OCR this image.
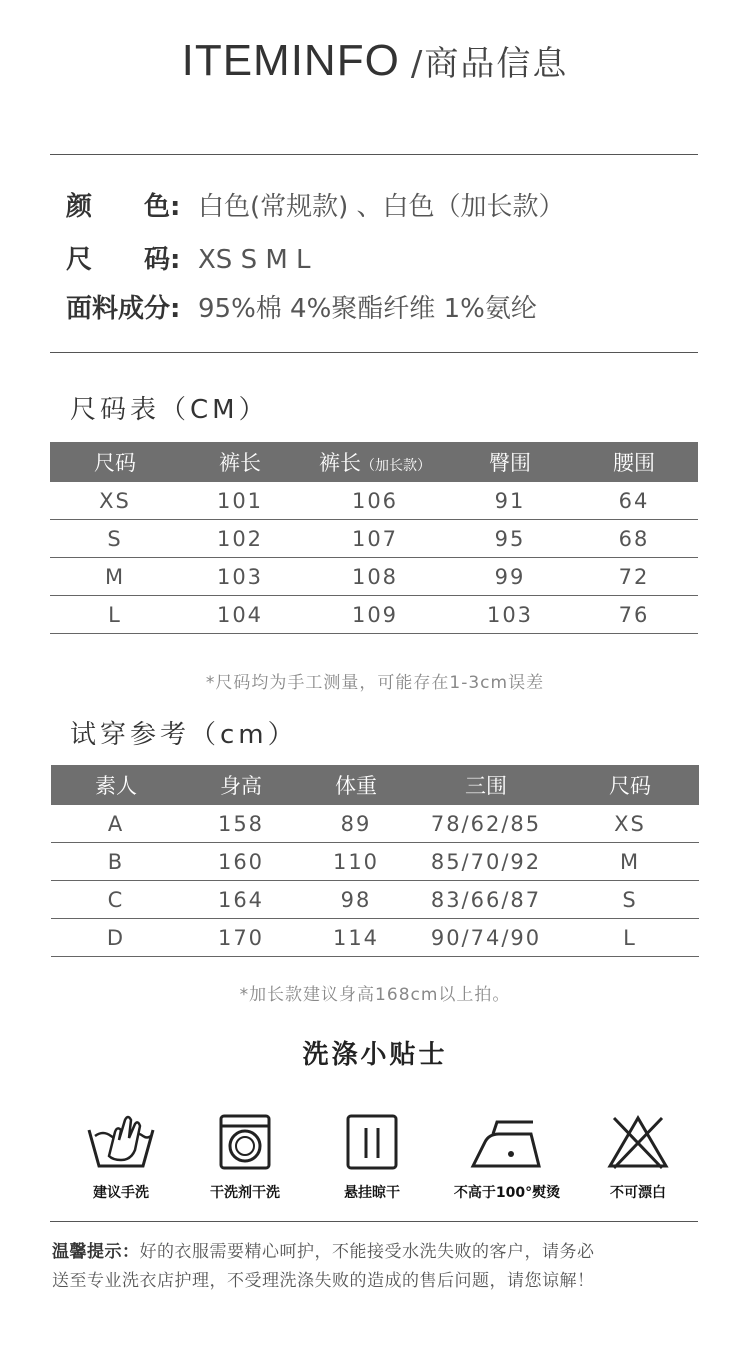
ITEMINFO /商品信息
颜　　色: 白色(常规款) 、白色（加长款）
尺　　码: XS S M L
面料成分: 95%棉 4%聚酯纤维 1%氨纶
尺码表（CM）
尺码	裤长	裤长（加长款）	臀围	腰围
XS	101	106	91	64
S	102	107	95	68
M	103	108	99	72
L	104	109	103	76
*尺码均为手工测量，可能存在1-3cm误差
试穿参考（cm）
素人	身高	体重	三围	尺码
A	158	89	78/62/85	XS
B	160	110	85/70/92	M
C	164	98	83/66/87	S
D	170	114	90/74/90	L
*加长款建议身高168cm以上拍。
洗涤小贴士
建议手洗	干洗剂干洗	悬挂晾干	不高于100°熨烫	不可漂白
温馨提示：好的衣服需要精心呵护，不能接受水洗失败的客户，请务必
送至专业洗衣店护理，不受理洗涤失败的造成的售后问题，请您谅解！
